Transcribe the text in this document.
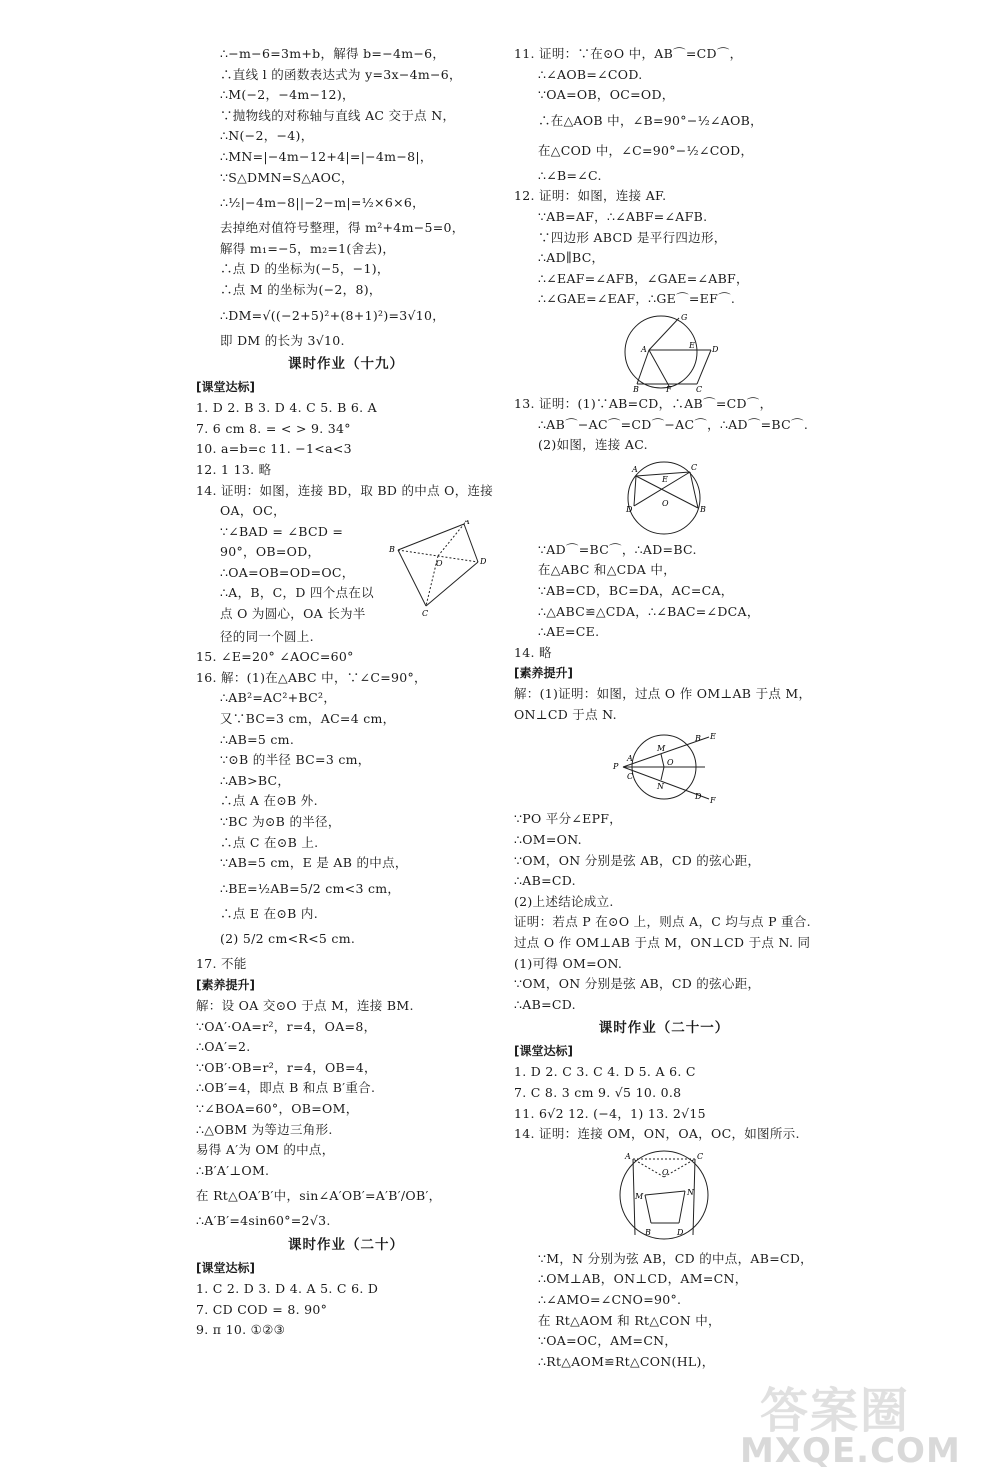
∴−m−6=3m+b，解得 b=−4m−6，
∴直线 l 的函数表达式为 y=3x−4m−6，
∴M(−2，−4m−12)，
∵抛物线的对称轴与直线 AC 交于点 N，
∴N(−2，−4)，
∴MN=|−4m−12+4|=|−4m−8|，
∵S△DMN=S△AOC，
∴½|−4m−8||−2−m|=½×6×6，
去掉绝对值符号整理，得 m²+4m−5=0，
解得 m₁=−5，m₂=1(舍去)，
∴点 D 的坐标为(−5，−1)，
∴点 M 的坐标为(−2，8)，
∴DM=√((−2+5)²+(8+1)²)=3√10，
即 DM 的长为 3√10.
课时作业（十九）
[课堂达标]
1. D 2. B 3. D 4. C 5. B 6. A
7. 6 cm 8. = < > 9. 34°
10. a=b=c 11. −1<a<3
12. 1 13. 略
14. 证明：如图，连接 BD，取 BD 的中点 O，连接
OA，OC，
∵∠BAD = ∠BCD =
90°，OB=OD，
∴OA=OB=OD=OC，
∴A，B，C，D 四个点在以
点 O 为圆心，OA 长为半
A
B
D
C
O
径的同一个圆上.
15. ∠E=20° ∠AOC=60°
16. 解：(1)在△ABC 中，∵∠C=90°，
∴AB²=AC²+BC²，
又∵BC=3 cm，AC=4 cm，
∴AB=5 cm.
∵⊙B 的半径 BC=3 cm，
∴AB>BC，
∴点 A 在⊙B 外.
∵BC 为⊙B 的半径，
∴点 C 在⊙B 上.
∵AB=5 cm，E 是 AB 的中点，
∴BE=½AB=5/2 cm<3 cm，
∴点 E 在⊙B 内.
(2) 5/2 cm<R<5 cm.
17. 不能
[素养提升]
解：设 OA 交⊙O 于点 M，连接 BM.
∵OA′·OA=r²，r=4，OA=8，
∴OA′=2.
∵OB′·OB=r²，r=4，OB=4，
∴OB′=4，即点 B 和点 B′重合.
∵∠BOA=60°，OB=OM，
∴△OBM 为等边三角形.
易得 A′为 OM 的中点，
∴B′A′⊥OM.
在 Rt△OA′B′中，sin∠A′OB′=A′B′/OB′，
∴A′B′=4sin60°=2√3.
课时作业（二十）
[课堂达标]
1. C 2. D 3. D 4. A 5. C 6. D
7. CD COD = 8. 90°
9. π 10. ①②③
11. 证明：∵在⊙O 中，AB⌒=CD⌒，
∴∠AOB=∠COD.
∵OA=OB，OC=OD，
∴在△AOB 中，∠B=90°−½∠AOB，
在△COD 中，∠C=90°−½∠COD，
∴∠B=∠C.
12. 证明：如图，连接 AF.
∵AB=AF，∴∠ABF=∠AFB.
∵四边形 ABCD 是平行四边形，
∴AD∥BC，
∴∠EAF=∠AFB，∠GAE=∠ABF，
∴∠GAE=∠EAF，∴GE⌒=EF⌒.
G
A	E D
B	F	C
13. 证明：(1)∵AB=CD，∴AB⌒=CD⌒，
∴AB⌒−AC⌒=CD⌒−AC⌒，∴AD⌒=BC⌒.
(2)如图，连接 AC.
A	C
E
D	B
O
∵AD⌒=BC⌒，∴AD=BC.
在△ABC 和△CDA 中，
∵AB=CD，BC=DA，AC=CA，
∴△ABC≌△CDA，∴∠BAC=∠DCA，
∴AE=CE.
14. 略
[素养提升]
解：(1)证明：如图，过点 O 作 OM⊥AB 于点 M，
ON⊥CD 于点 N.
P
A
C
M
N
O
B E
D F
∵PO 平分∠EPF，
∴OM=ON.
∵OM，ON 分别是弦 AB，CD 的弦心距，
∴AB=CD.
(2)上述结论成立.
证明：若点 P 在⊙O 上，则点 A，C 均与点 P 重合.
过点 O 作 OM⊥AB 于点 M，ON⊥CD 于点 N. 同
(1)可得 OM=ON.
∵OM，ON 分别是弦 AB，CD 的弦心距，
∴AB=CD.
课时作业（二十一）
[课堂达标]
1. D 2. C 3. C 4. D 5. A 6. C
7. C 8. 3 cm 9. √5 10. 0.8
11. 6√2 12. (−4，1) 13. 2√15
14. 证明：连接 OM，ON，OA，OC，如图所示.
A	C
O
M	N
B	D
∵M，N 分别为弦 AB，CD 的中点，AB=CD，
∴OM⊥AB，ON⊥CD，AM=CN，
∴∠AMO=∠CNO=90°.
在 Rt△AOM 和 Rt△CON 中，
∵OA=OC，AM=CN，
∴Rt△AOM≌Rt△CON(HL)，
答案圈
MXQE.COM
